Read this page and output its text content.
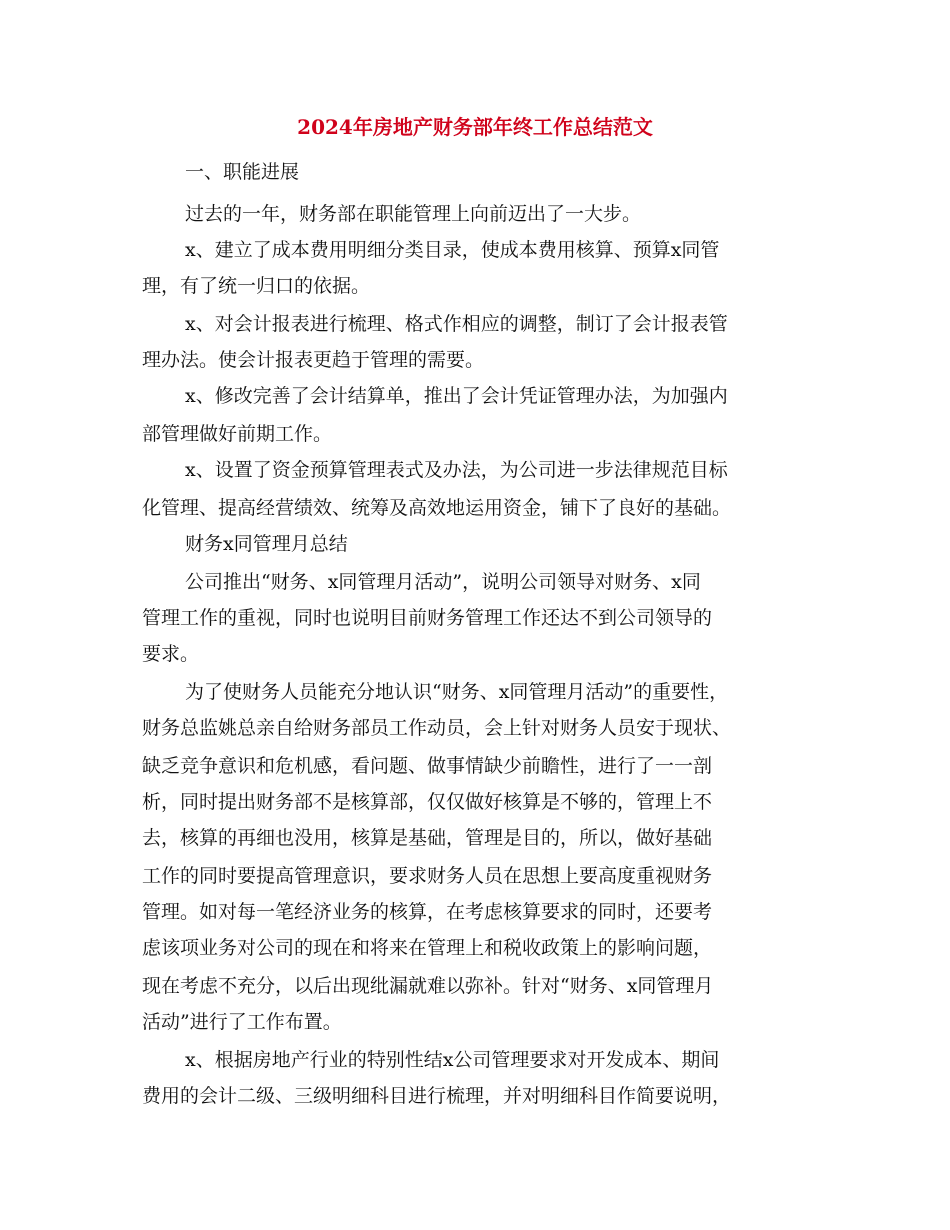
2024年房地产财务部年终工作总结范文
一、职能进展
过去的一年，财务部在职能管理上向前迈出了一大步。
x、建立了成本费用明细分类目录，使成本费用核算、预算x同管
理，有了统一归口的依据。
x、对会计报表进行梳理、格式作相应的调整，制订了会计报表管
理办法。使会计报表更趋于管理的需要。
x、修改完善了会计结算单，推出了会计凭证管理办法，为加强内
部管理做好前期工作。
x、设置了资金预算管理表式及办法，为公司进一步法律规范目标
化管理、提高经营绩效、统筹及高效地运用资金，铺下了良好的基础。
财务x同管理月总结
公司推出“财务、x同管理月活动”，说明公司领导对财务、x同
管理工作的重视，同时也说明目前财务管理工作还达不到公司领导的
要求。
为了使财务人员能充分地认识“财务、x同管理月活动”的重要性，
财务总监姚总亲自给财务部员工作动员，会上针对财务人员安于现状、
缺乏竞争意识和危机感，看问题、做事情缺少前瞻性，进行了一一剖
析，同时提出财务部不是核算部，仅仅做好核算是不够的，管理上不
去，核算的再细也没用，核算是基础，管理是目的，所以，做好基础
工作的同时要提高管理意识，要求财务人员在思想上要高度重视财务
管理。如对每一笔经济业务的核算，在考虑核算要求的同时，还要考
虑该项业务对公司的现在和将来在管理上和税收政策上的影响问题，
现在考虑不充分，以后出现纰漏就难以弥补。针对“财务、x同管理月
活动”进行了工作布置。
x、根据房地产行业的特别性结x公司管理要求对开发成本、期间
费用的会计二级、三级明细科目进行梳理，并对明细科目作简要说明，
